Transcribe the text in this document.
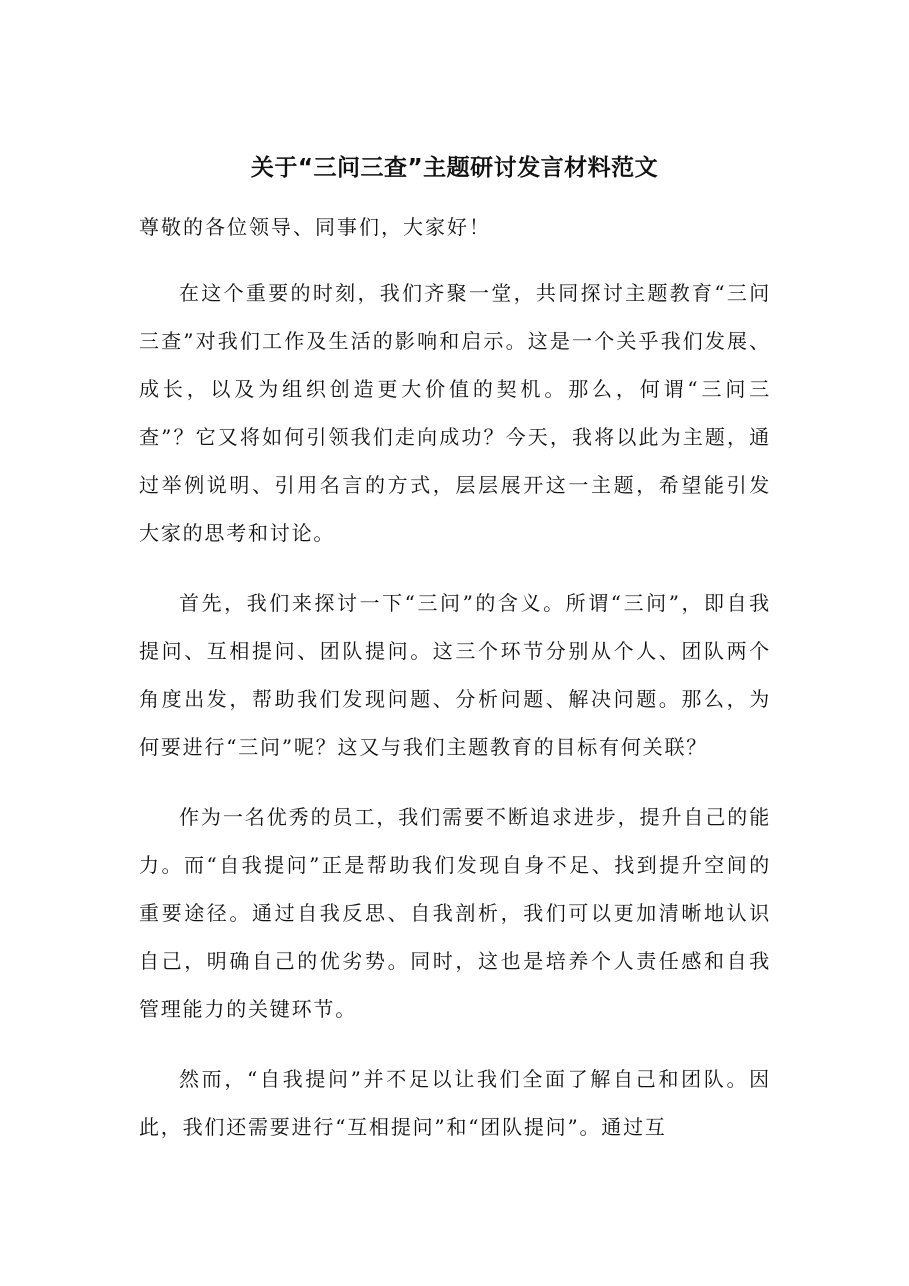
关于“三问三查”主题研讨发言材料范文

尊敬的各位领导、同事们，大家好！

在这个重要的时刻，我们齐聚一堂，共同探讨主题教育“三问三查”对我们工作及生活的影响和启示。这是一个关乎我们发展、成长，以及为组织创造更大价值的契机。那么，何谓“三问三查”？它又将如何引领我们走向成功？今天，我将以此为主题，通过举例说明、引用名言的方式，层层展开这一主题，希望能引发大家的思考和讨论。

首先，我们来探讨一下“三问”的含义。所谓“三问”，即自我提问、互相提问、团队提问。这三个环节分别从个人、团队两个角度出发，帮助我们发现问题、分析问题、解决问题。那么，为何要进行“三问”呢？这又与我们主题教育的目标有何关联？

作为一名优秀的员工，我们需要不断追求进步，提升自己的能力。而“自我提问”正是帮助我们发现自身不足、找到提升空间的重要途径。通过自我反思、自我剖析，我们可以更加清晰地认识自己，明确自己的优劣势。同时，这也是培养个人责任感和自我管理能力的关键环节。

然而，“自我提问”并不足以让我们全面了解自己和团队。因此，我们还需要进行“互相提问”和“团队提问”。通过互
